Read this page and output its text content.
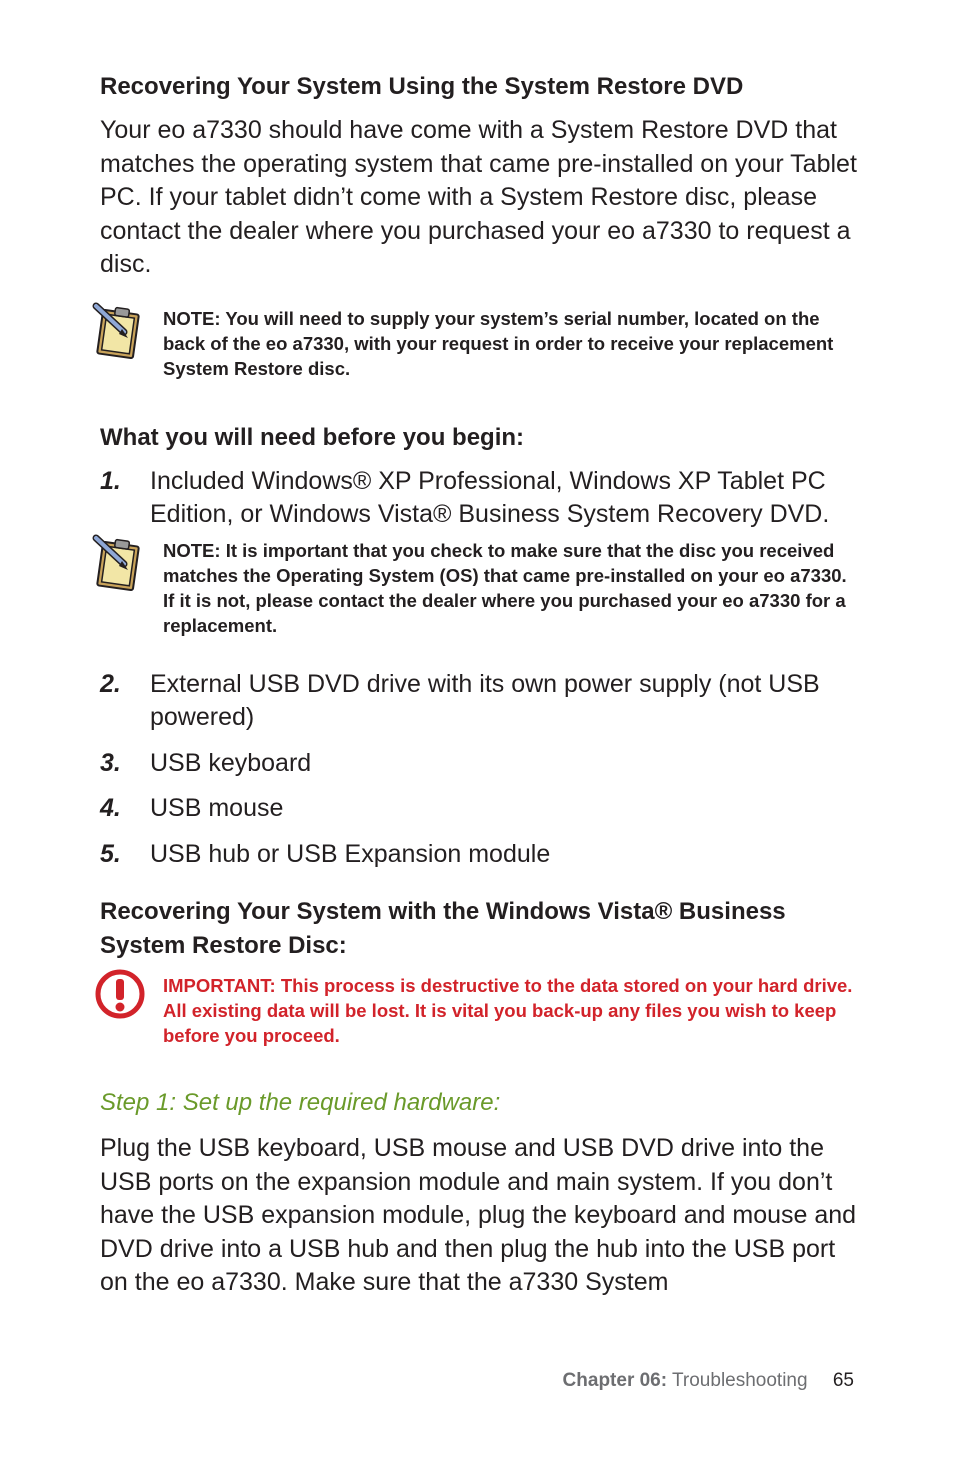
Recovering Your System Using the System Restore DVD

Your eo a7330 should have come with a System Restore DVD that matches the operating system that came pre-installed on your Tablet PC. If your tablet didn’t come with a System Restore disc, please contact the dealer where you purchased your eo a7330 to request a disc.

NOTE: You will need to supply your system’s serial number, located on the back of the eo a7330, with your request in order to receive your replacement System Restore disc.

What you will need before you begin:
1. Included Windows® XP Professional, Windows XP Tablet PC Edition, or Windows Vista® Business System Recovery DVD.

NOTE: It is important that you check to make sure that the disc you received matches the Operating System (OS) that came pre-installed on your eo a7330. If it is not, please contact the dealer where you purchased your eo a7330 for a replacement.

2. External USB DVD drive with its own power supply (not USB powered)
3. USB keyboard
4. USB mouse
5. USB hub or USB Expansion module
Recovering Your System with the Windows Vista® Business System Restore Disc:

IMPORTANT: This process is destructive to the data stored on your hard drive. All existing data will be lost. It is vital you back-up any files you wish to keep before you proceed.

Step 1: Set up the required hardware:

Plug the USB keyboard, USB mouse and USB DVD drive into the USB ports on the expansion module and main system. If you don’t have the USB expansion module, plug the keyboard and mouse and DVD drive into a USB hub and then plug the hub into the USB port on the eo a7330. Make sure that the a7330 System

Chapter 06: Troubleshooting 65
